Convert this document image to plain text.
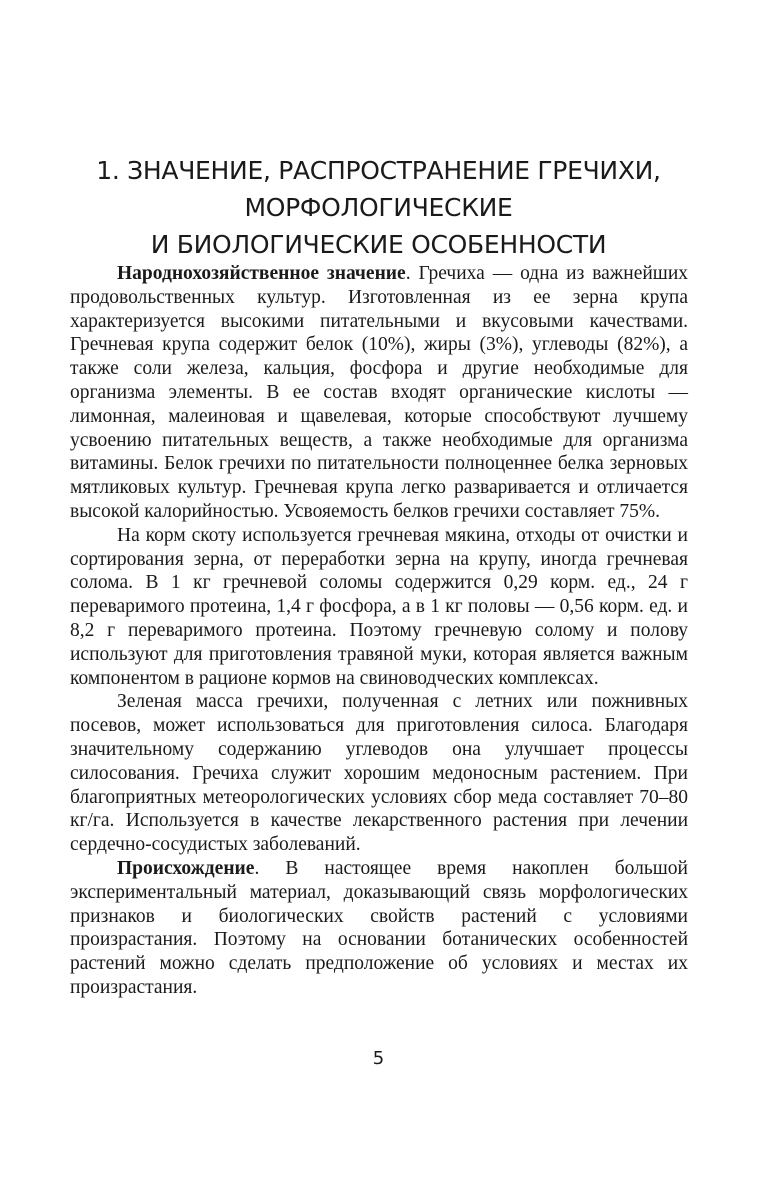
1. ЗНАЧЕНИЕ, РАСПРОСТРАНЕНИЕ ГРЕЧИХИ,
МОРФОЛОГИЧЕСКИЕ
И БИОЛОГИЧЕСКИЕ ОСОБЕННОСТИ

Народнохозяйственное значение. Гречиха — одна из важнейших продовольственных культур. Изготовленная из ее зерна крупа характеризуется высокими питательными и вкусовыми качествами. Гречневая крупа содержит белок (10%), жиры (3%), углеводы (82%), а также соли железа, кальция, фосфора и другие необходимые для организма элементы. В ее состав входят органические кислоты — лимонная, малеиновая и щавелевая, которые способствуют лучшему усвоению питательных веществ, а также необходимые для организма витамины. Белок гречихи по питательности полноценнее белка зерновых мятликовых культур. Гречневая крупа легко разваривается и отличается высокой калорийностью. Усвояемость белков гречихи составляет 75%.

На корм скоту используется гречневая мякина, отходы от очистки и сортирования зерна, от переработки зерна на крупу, иногда гречневая солома. В 1 кг гречневой соломы содержится 0,29 корм. ед., 24 г переваримого протеина, 1,4 г фосфора, а в 1 кг половы — 0,56 корм. ед. и 8,2 г переваримого протеина. Поэтому гречневую солому и полову используют для приготовления травяной муки, которая является важным компонентом в рационе кормов на свиноводческих комплексах.

Зеленая масса гречихи, полученная с летних или пожнивных посевов, может использоваться для приготовления силоса. Благодаря значительному содержанию углеводов она улучшает процессы силосования. Гречиха служит хорошим медоносным растением. При благоприятных метеорологических условиях сбор меда составляет 70–80 кг/га. Используется в качестве лекарственного растения при лечении сердечно-сосудистых заболеваний.

Происхождение. В настоящее время накоплен большой экспериментальный материал, доказывающий связь морфологических признаков и биологических свойств растений с условиями произрастания. Поэтому на основании ботанических особенностей растений можно сделать предположение об условиях и местах их произрастания.

5
